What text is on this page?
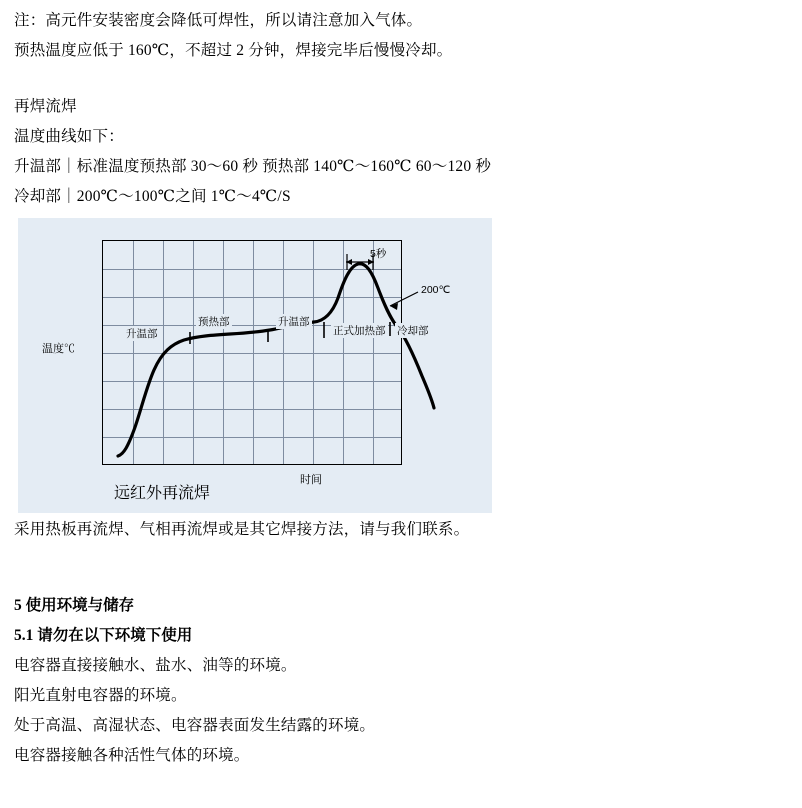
注：高元件安装密度会降低可焊性，所以请注意加入气体。
预热温度应低于 160℃，不超过 2 分钟，焊接完毕后慢慢冷却。
再焊流焊
温度曲线如下：
升温部｜标准温度预热部 30～60 秒 预热部 140℃～160℃ 60～120 秒
冷却部｜200℃～100℃之间 1℃～4℃/S
温度℃
时间
远红外再流焊
5秒
200℃
升温部
预热部	升温部
正式加热部 冷却部
采用热板再流焊、气相再流焊或是其它焊接方法，请与我们联系。
5 使用环境与储存
5.1 请勿在以下环境下使用
电容器直接接触水、盐水、油等的环境。
阳光直射电容器的环境。
处于高温、高湿状态、电容器表面发生结露的环境。
电容器接触各种活性气体的环境。
